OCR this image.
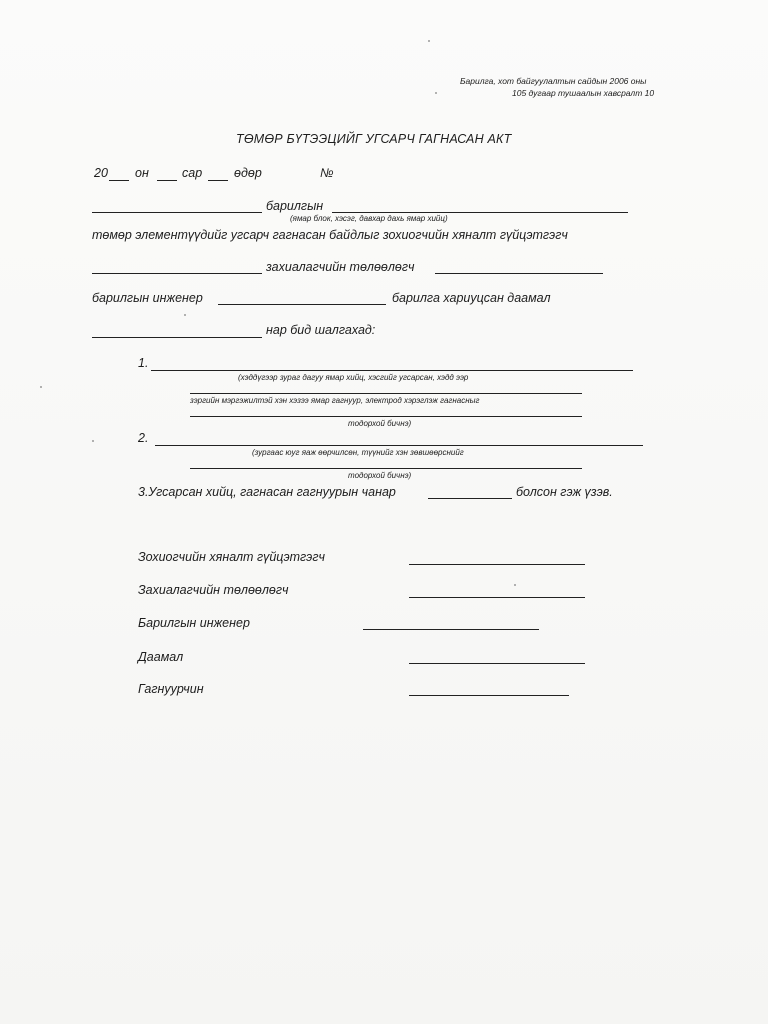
Барилга, хот байгуулалтын сайдын 2006 оны
105 дугаар тушаалын хавсралт 10
ТӨМӨР БҮТЭЭЦИЙГ УГСАРЧ ГАГНАСАН АКТ
20 он	сар	өдөр	№
барилгын
(ямар блок, хэсэг, давхар дахь ямар хийц)
төмөр элементүүдийг угсарч гагнасан байдлыг зохиогчийн хяналт гүйцэтгэгч
захиалагчийн төлөөлөгч
барилгын инженер	барилга хариуцсан даамал
нар бид шалгахад:
1.
(хэддүгээр зураг дагуу ямар хийц, хэсгийг угсарсан, хэдд ээр
зэргийн мэргэжилтэй хэн хэзээ ямар гагнуур, электрод хэрэглэж гагнасныг
тодорхой бичнэ)
2.
(зургаас юуг яаж өөрчилсөн, түүнийг хэн зөвшөөрснийг
тодорхой бичнэ)
3.Угсарсан хийц, гагнасан гагнуурын чанар	болсон гэж үзэв.
Зохиогчийн хяналт гүйцэтгэгч
Захиалагчийн төлөөлөгч
Барилгын инженер
Даамал
Гагнуурчин
